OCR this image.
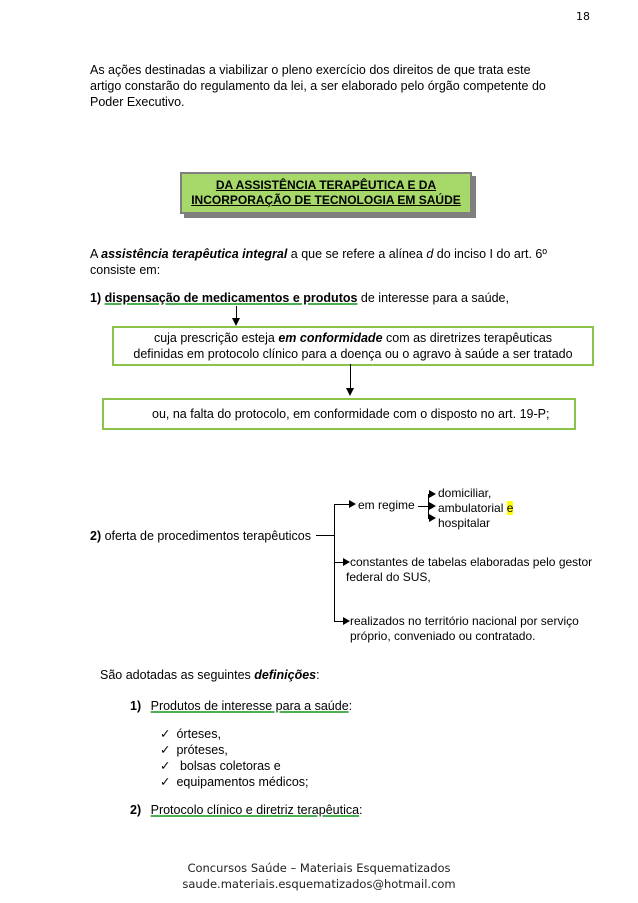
18
As ações destinadas a viabilizar o pleno exercício dos direitos de que trata este
artigo constarão do regulamento da lei, a ser elaborado pelo órgão competente do
Poder Executivo.
DA ASSISTÊNCIA TERAPÊUTICA E DA
INCORPORAÇÃO DE TECNOLOGIA EM SAÚDE
A assistência terapêutica integral a que se refere a alínea d do inciso I do art. 6º
consiste em:
1) dispensação de medicamentos e produtos de interesse para a saúde,
cuja prescrição esteja em conformidade com as diretrizes terapêuticas
definidas em protocolo clínico para a doença ou o agravo à saúde a ser tratado
ou, na falta do protocolo, em conformidade com o disposto no art. 19-P;
2) oferta de procedimentos terapêuticos
em regime
domiciliar,
ambulatorial e
hospitalar
constantes de tabelas elaboradas pelo gestor
federal do SUS,
realizados no território nacional por serviço
próprio, conveniado ou contratado.
São adotadas as seguintes definições:
1) Produtos de interesse para a saúde:
✓ órteses,
✓ próteses,
✓ bolsas coletoras e
✓ equipamentos médicos;
2) Protocolo clínico e diretriz terapêutica:
Concursos Saúde – Materiais Esquematizados
saude.materiais.esquematizados@hotmail.com
